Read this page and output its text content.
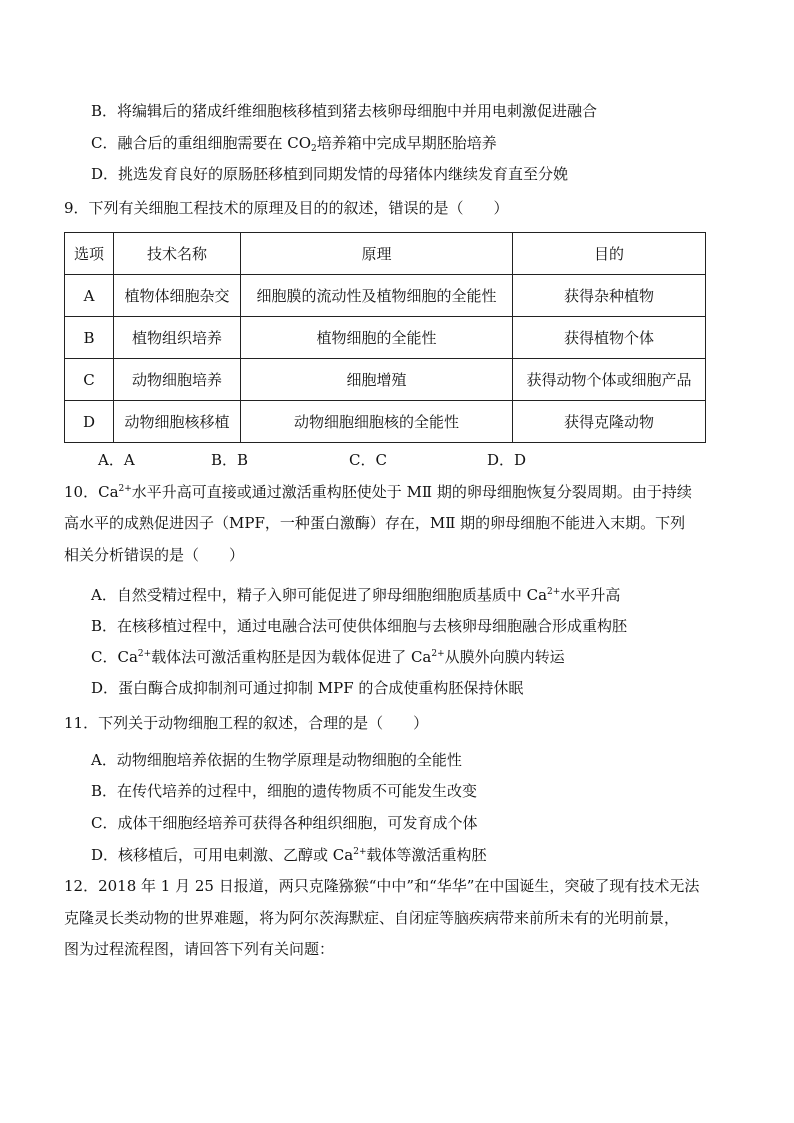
B．将编辑后的猪成纤维细胞核移植到猪去核卵母细胞中并用电刺激促进融合
C．融合后的重组细胞需要在 $CO_2$培养箱中完成早期胚胎培养
D．挑选发育良好的原肠胚移植到同期发情的母猪体内继续发育直至分娩
9．下列有关细胞工程技术的原理及目的的叙述，错误的是（　　）
选项	技术名称	原理	目的
A	植物体细胞杂交	细胞膜的流动性及植物细胞的全能性	获得杂种植物
B	植物组织培养	植物细胞的全能性	获得植物个体
C	动物细胞培养	细胞增殖	获得动物个体或细胞产品
D	动物细胞核移植	动物细胞细胞核的全能性	获得克隆动物
A．A	B．B	C．C	D．D
10．$Ca^{2+}$水平升高可直接或通过激活重构胚使处于 MⅡ 期的卵母细胞恢复分裂周期。由于持续
高水平的成熟促进因子（MPF，一种蛋白激酶）存在，MⅡ 期的卵母细胞不能进入末期。下列
相关分析错误的是（　　）
A．自然受精过程中，精子入卵可能促进了卵母细胞细胞质基质中 $Ca^{2+}$水平升高
B．在核移植过程中，通过电融合法可使供体细胞与去核卵母细胞融合形成重构胚
C．$Ca^{2+}$载体法可激活重构胚是因为载体促进了 $Ca^{2+}$从膜外向膜内转运
D．蛋白酶合成抑制剂可通过抑制 MPF 的合成使重构胚保持休眠
11．下列关于动物细胞工程的叙述，合理的是（　　）
A．动物细胞培养依据的生物学原理是动物细胞的全能性
B．在传代培养的过程中，细胞的遗传物质不可能发生改变
C．成体干细胞经培养可获得各种组织细胞，可发育成个体
D．核移植后，可用电刺激、乙醇或 $Ca^{2+}$载体等激活重构胚
12．2018 年 1 月 25 日报道，两只克隆猕猴“中中”和“华华”在中国诞生，突破了现有技术无法
克隆灵长类动物的世界难题，将为阿尔茨海默症、自闭症等脑疾病带来前所未有的光明前景，
图为过程流程图，请回答下列有关问题：
